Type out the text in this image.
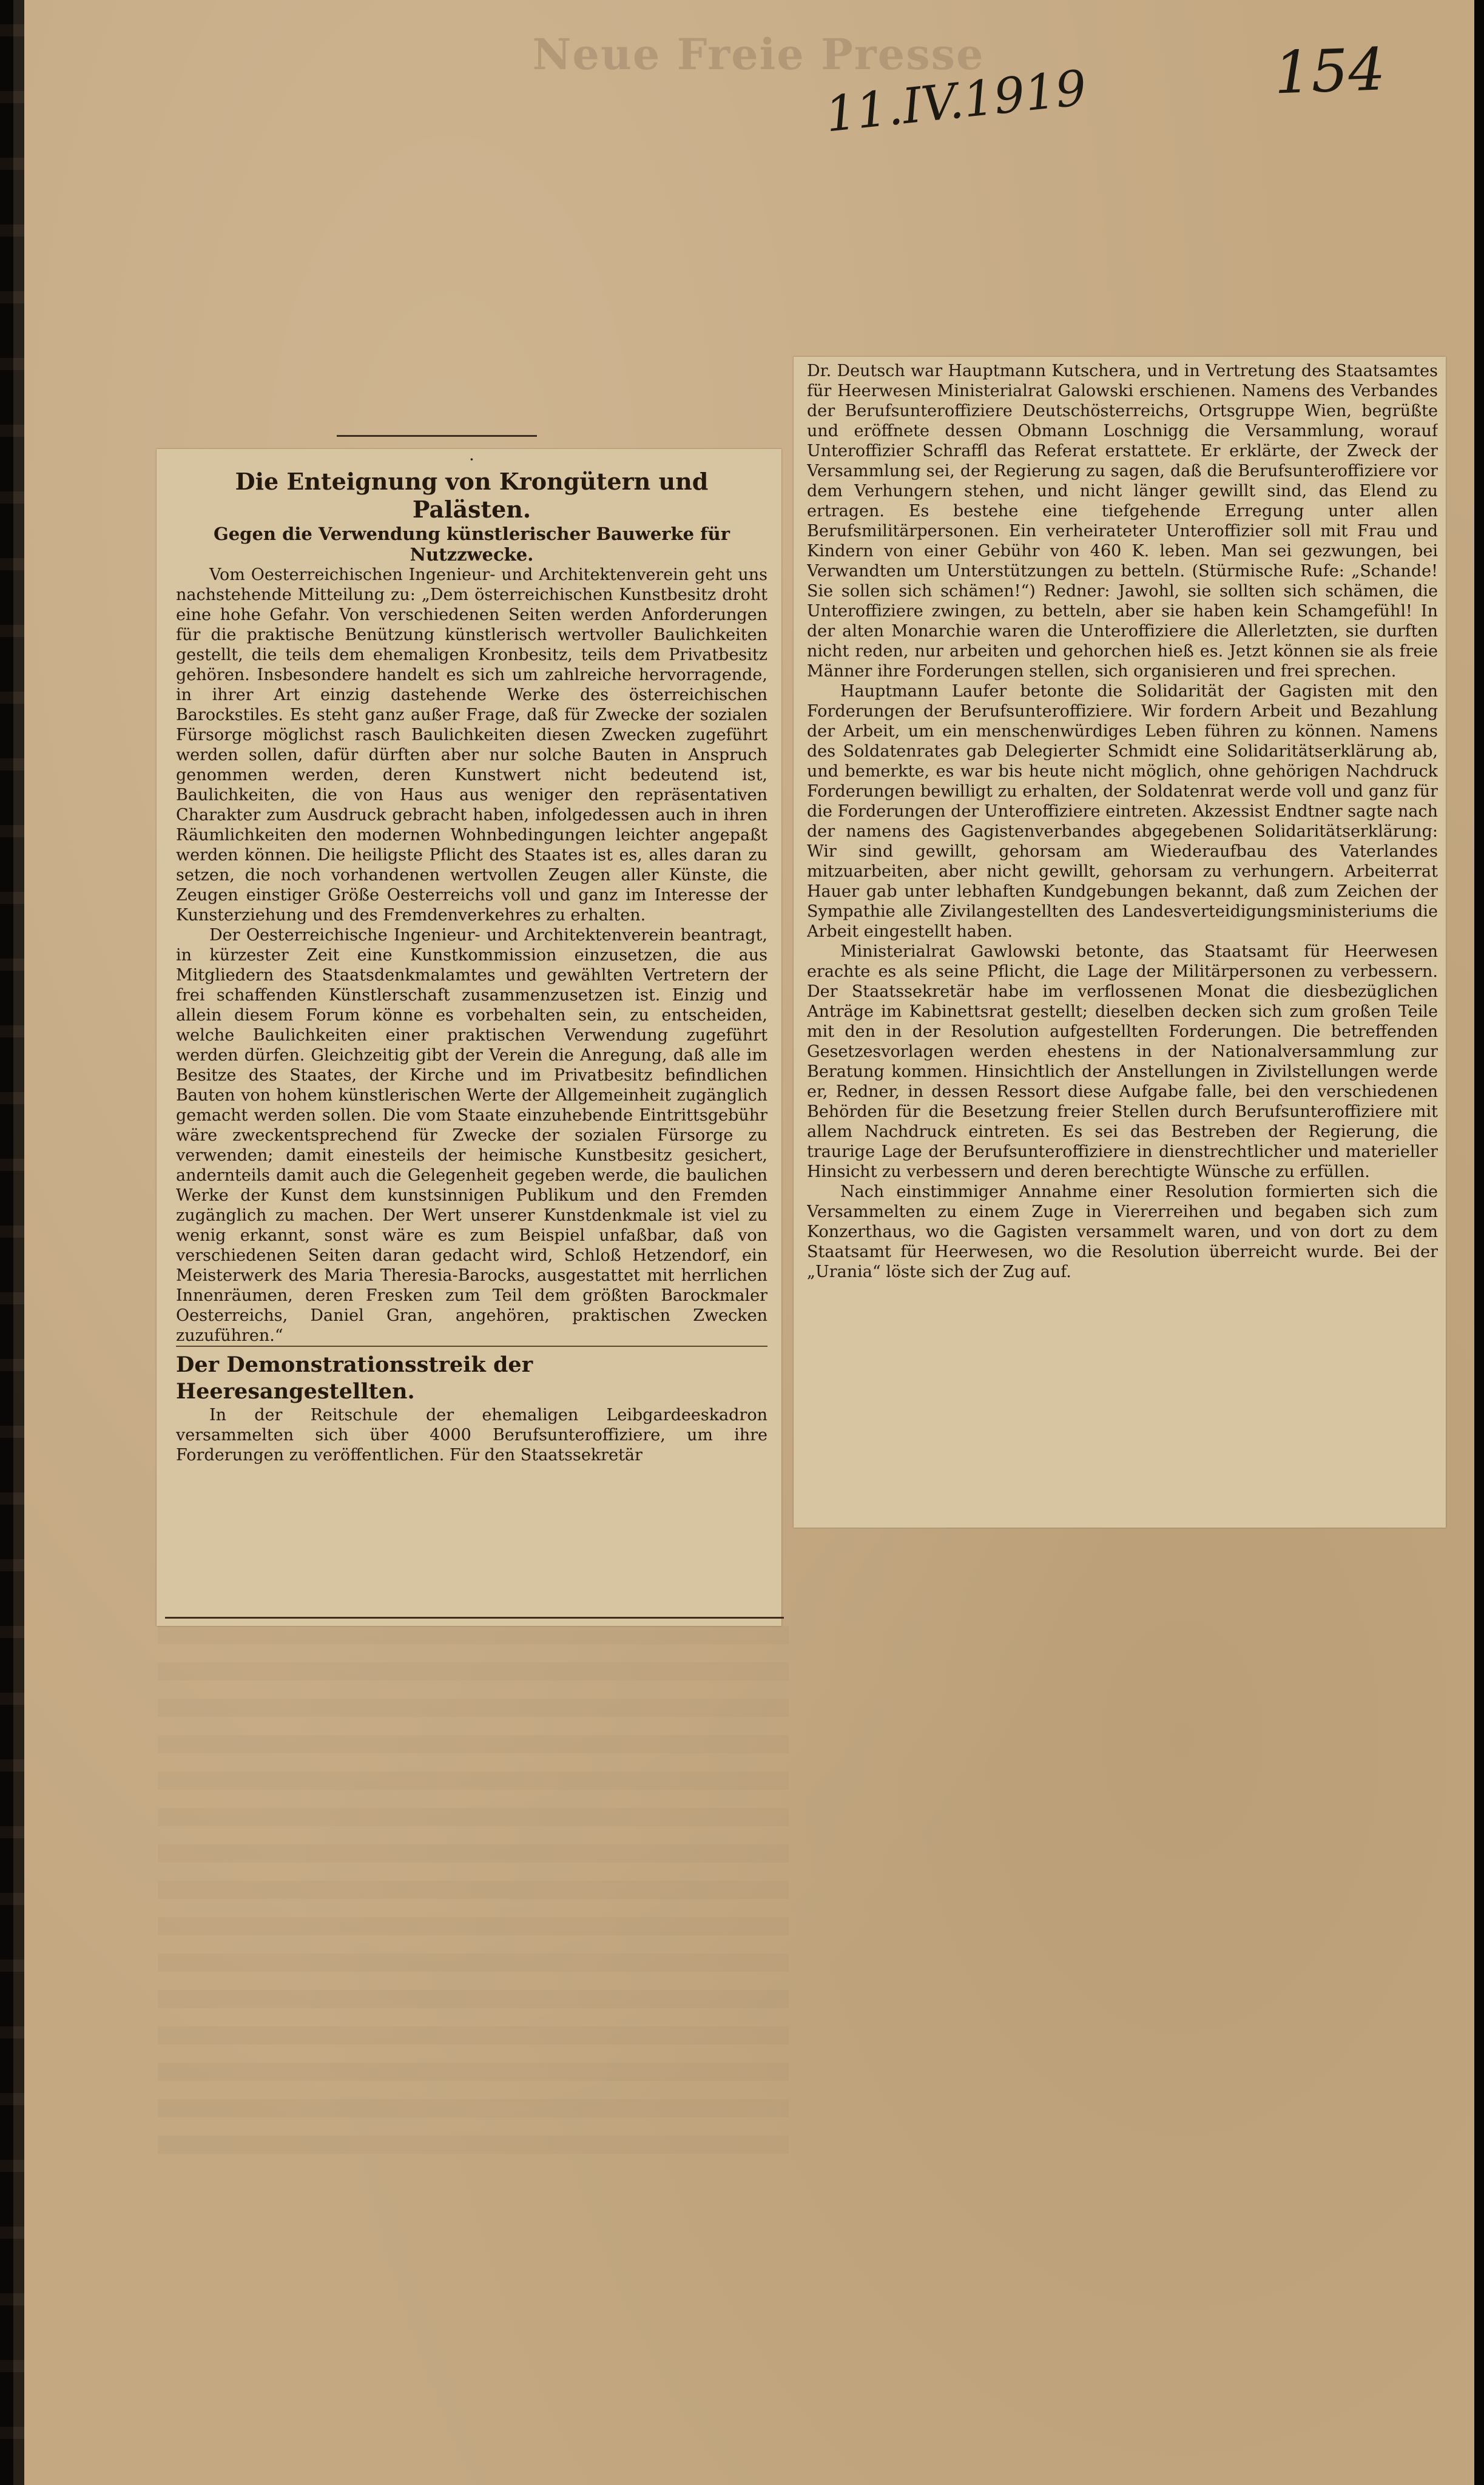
Neue Freie Presse
11.IV.1919	154

·

Die Enteignung von Krongütern und Palästen.

Gegen die Verwendung künstlerischer Bauwerke für Nutzzwecke.

Vom Oesterreichischen Ingenieur- und Architektenverein geht uns nachstehende Mitteilung zu: „Dem österreichischen Kunstbesitz droht eine hohe Gefahr. Von verschiedenen Seiten werden Anforderungen für die praktische Benützung künstlerisch wertvoller Baulichkeiten gestellt, die teils dem ehemaligen Kronbesitz, teils dem Privatbesitz gehören. Insbesondere handelt es sich um zahlreiche hervorragende, in ihrer Art einzig dastehende Werke des österreichischen Barockstiles. Es steht ganz außer Frage, daß für Zwecke der sozialen Fürsorge möglichst rasch Baulichkeiten diesen Zwecken zugeführt werden sollen, dafür dürften aber nur solche Bauten in Anspruch genommen werden, deren Kunstwert nicht bedeutend ist, Baulichkeiten, die von Haus aus weniger den repräsentativen Charakter zum Ausdruck gebracht haben, infolgedessen auch in ihren Räumlichkeiten den modernen Wohnbedingungen leichter angepaßt werden können. Die heiligste Pflicht des Staates ist es, alles daran zu setzen, die noch vorhandenen wertvollen Zeugen aller Künste, die Zeugen einstiger Größe Oesterreichs voll und ganz im Interesse der Kunsterziehung und des Fremdenverkehres zu erhalten.

Der Oesterreichische Ingenieur- und Architektenverein beantragt, in kürzester Zeit eine Kunstkommission einzusetzen, die aus Mitgliedern des Staatsdenkmalamtes und gewählten Vertretern der frei schaffenden Künstlerschaft zusammenzusetzen ist. Einzig und allein diesem Forum könne es vorbehalten sein, zu entscheiden, welche Baulichkeiten einer praktischen Verwendung zugeführt werden dürfen. Gleichzeitig gibt der Verein die Anregung, daß alle im Besitze des Staates, der Kirche und im Privatbesitz befindlichen Bauten von hohem künstlerischen Werte der Allgemeinheit zugänglich gemacht werden sollen. Die vom Staate einzuhebende Eintrittsgebühr wäre zweckentsprechend für Zwecke der sozialen Fürsorge zu verwenden; damit einesteils der heimische Kunstbesitz gesichert, andernteils damit auch die Gelegenheit gegeben werde, die baulichen Werke der Kunst dem kunstsinnigen Publikum und den Fremden zugänglich zu machen. Der Wert unserer Kunstdenkmale ist viel zu wenig erkannt, sonst wäre es zum Beispiel unfaßbar, daß von verschiedenen Seiten daran gedacht wird, Schloß Hetzendorf, ein Meisterwerk des Maria Theresia-Barocks, ausgestattet mit herrlichen Innenräumen, deren Fresken zum Teil dem größten Barockmaler Oesterreichs, Daniel Gran, angehören, praktischen Zwecken zuzuführen.“

Der Demonstrationsstreik der Heeresangestellten.

In der Reitschule der ehemaligen Leibgardeeskadron versammelten sich über 4000 Berufsunteroffiziere, um ihre Forderungen zu veröffentlichen. Für den Staatssekretär

Dr. Deutsch war Hauptmann Kutschera, und in Vertretung des Staatsamtes für Heerwesen Ministerialrat Galowski erschienen. Namens des Verbandes der Berufsunteroffiziere Deutschösterreichs, Ortsgruppe Wien, begrüßte und eröffnete dessen Obmann Loschnigg die Versammlung, worauf Unteroffizier Schraffl das Referat erstattete. Er erklärte, der Zweck der Versammlung sei, der Regierung zu sagen, daß die Berufsunteroffiziere vor dem Verhungern stehen, und nicht länger gewillt sind, das Elend zu ertragen. Es bestehe eine tiefgehende Erregung unter allen Berufsmilitärpersonen. Ein verheirateter Unteroffizier soll mit Frau und Kindern von einer Gebühr von 460 K. leben. Man sei gezwungen, bei Verwandten um Unterstützungen zu betteln. (Stürmische Rufe: „Schande! Sie sollen sich schämen!“) Redner: Jawohl, sie sollten sich schämen, die Unteroffiziere zwingen, zu betteln, aber sie haben kein Schamgefühl! In der alten Monarchie waren die Unteroffiziere die Allerletzten, sie durften nicht reden, nur arbeiten und gehorchen hieß es. Jetzt können sie als freie Männer ihre Forderungen stellen, sich organisieren und frei sprechen.

Hauptmann Laufer betonte die Solidarität der Gagisten mit den Forderungen der Berufsunteroffiziere. Wir fordern Arbeit und Bezahlung der Arbeit, um ein menschenwürdiges Leben führen zu können. Namens des Soldatenrates gab Delegierter Schmidt eine Solidaritätserklärung ab, und bemerkte, es war bis heute nicht möglich, ohne gehörigen Nachdruck Forderungen bewilligt zu erhalten, der Soldatenrat werde voll und ganz für die Forderungen der Unteroffiziere eintreten. Akzessist Endtner sagte nach der namens des Gagistenverbandes abgegebenen Solidaritätserklärung: Wir sind gewillt, gehorsam am Wiederaufbau des Vaterlandes mitzuarbeiten, aber nicht gewillt, gehorsam zu verhungern. Arbeiterrat Hauer gab unter lebhaften Kundgebungen bekannt, daß zum Zeichen der Sympathie alle Zivilangestellten des Landesverteidigungsministeriums die Arbeit eingestellt haben.

Ministerialrat Gawlowski betonte, das Staatsamt für Heerwesen erachte es als seine Pflicht, die Lage der Militärpersonen zu verbessern. Der Staatssekretär habe im verflossenen Monat die diesbezüglichen Anträge im Kabinettsrat gestellt; dieselben decken sich zum großen Teile mit den in der Resolution aufgestellten Forderungen. Die betreffenden Gesetzesvorlagen werden ehestens in der Nationalversammlung zur Beratung kommen. Hinsichtlich der Anstellungen in Zivilstellungen werde er, Redner, in dessen Ressort diese Aufgabe falle, bei den verschiedenen Behörden für die Besetzung freier Stellen durch Berufsunteroffiziere mit allem Nachdruck eintreten. Es sei das Bestreben der Regierung, die traurige Lage der Berufsunteroffiziere in dienstrechtlicher und materieller Hinsicht zu verbessern und deren berechtigte Wünsche zu erfüllen.

Nach einstimmiger Annahme einer Resolution formierten sich die Versammelten zu einem Zuge in Viererreihen und begaben sich zum Konzerthaus, wo die Gagisten versammelt waren, und von dort zu dem Staatsamt für Heerwesen, wo die Resolution überreicht wurde. Bei der „Urania“ löste sich der Zug auf.
